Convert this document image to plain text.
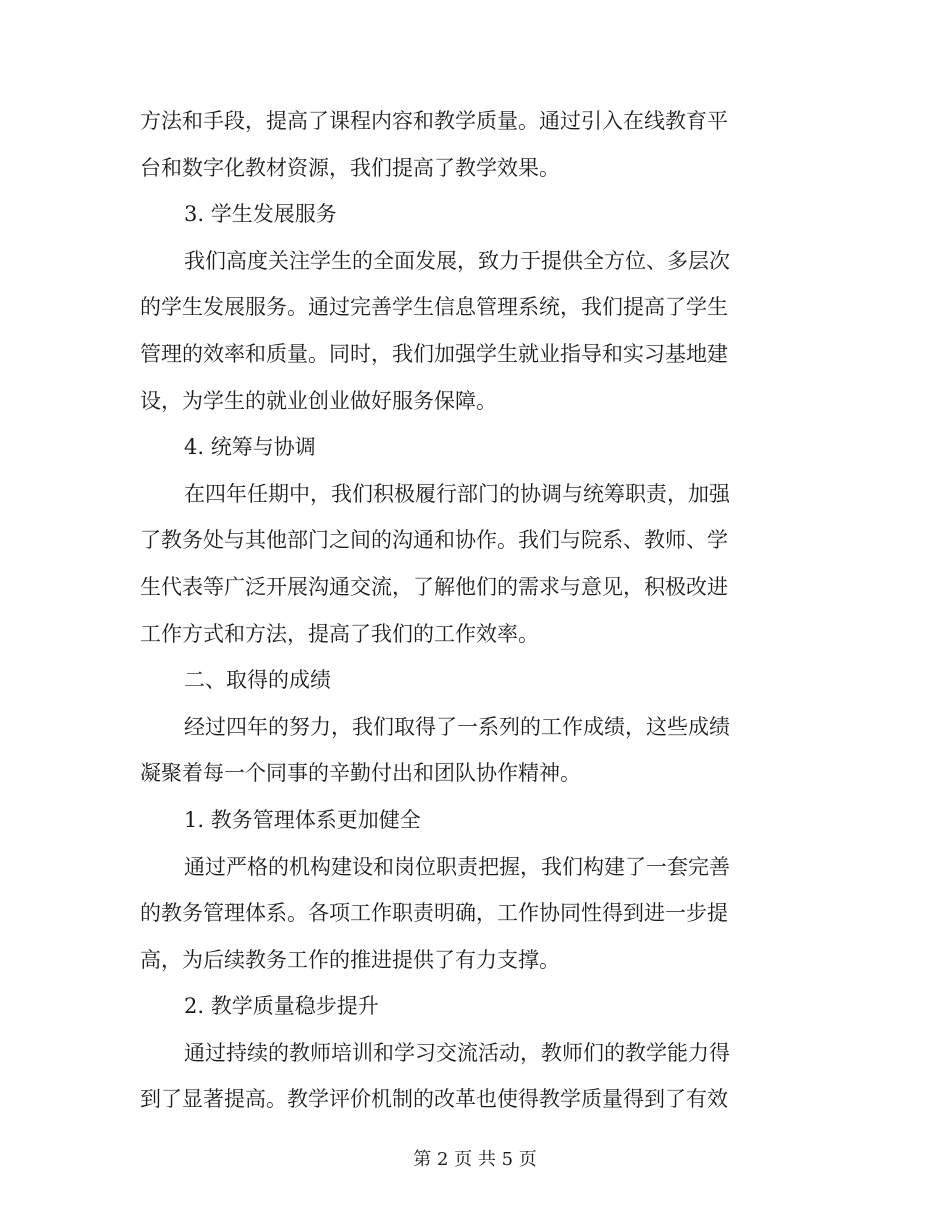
方法和手段，提高了课程内容和教学质量。通过引入在线教育平
台和数字化教材资源，我们提高了教学效果。
3. 学生发展服务
我们高度关注学生的全面发展，致力于提供全方位、多层次
的学生发展服务。通过完善学生信息管理系统，我们提高了学生
管理的效率和质量。同时，我们加强学生就业指导和实习基地建
设，为学生的就业创业做好服务保障。
4. 统筹与协调
在四年任期中，我们积极履行部门的协调与统筹职责，加强
了教务处与其他部门之间的沟通和协作。我们与院系、教师、学
生代表等广泛开展沟通交流，了解他们的需求与意见，积极改进
工作方式和方法，提高了我们的工作效率。
二、取得的成绩
经过四年的努力，我们取得了一系列的工作成绩，这些成绩
凝聚着每一个同事的辛勤付出和团队协作精神。
1. 教务管理体系更加健全
通过严格的机构建设和岗位职责把握，我们构建了一套完善
的教务管理体系。各项工作职责明确，工作协同性得到进一步提
高，为后续教务工作的推进提供了有力支撑。
2. 教学质量稳步提升
通过持续的教师培训和学习交流活动，教师们的教学能力得
到了显著提高。教学评价机制的改革也使得教学质量得到了有效
第 2 页 共 5 页
